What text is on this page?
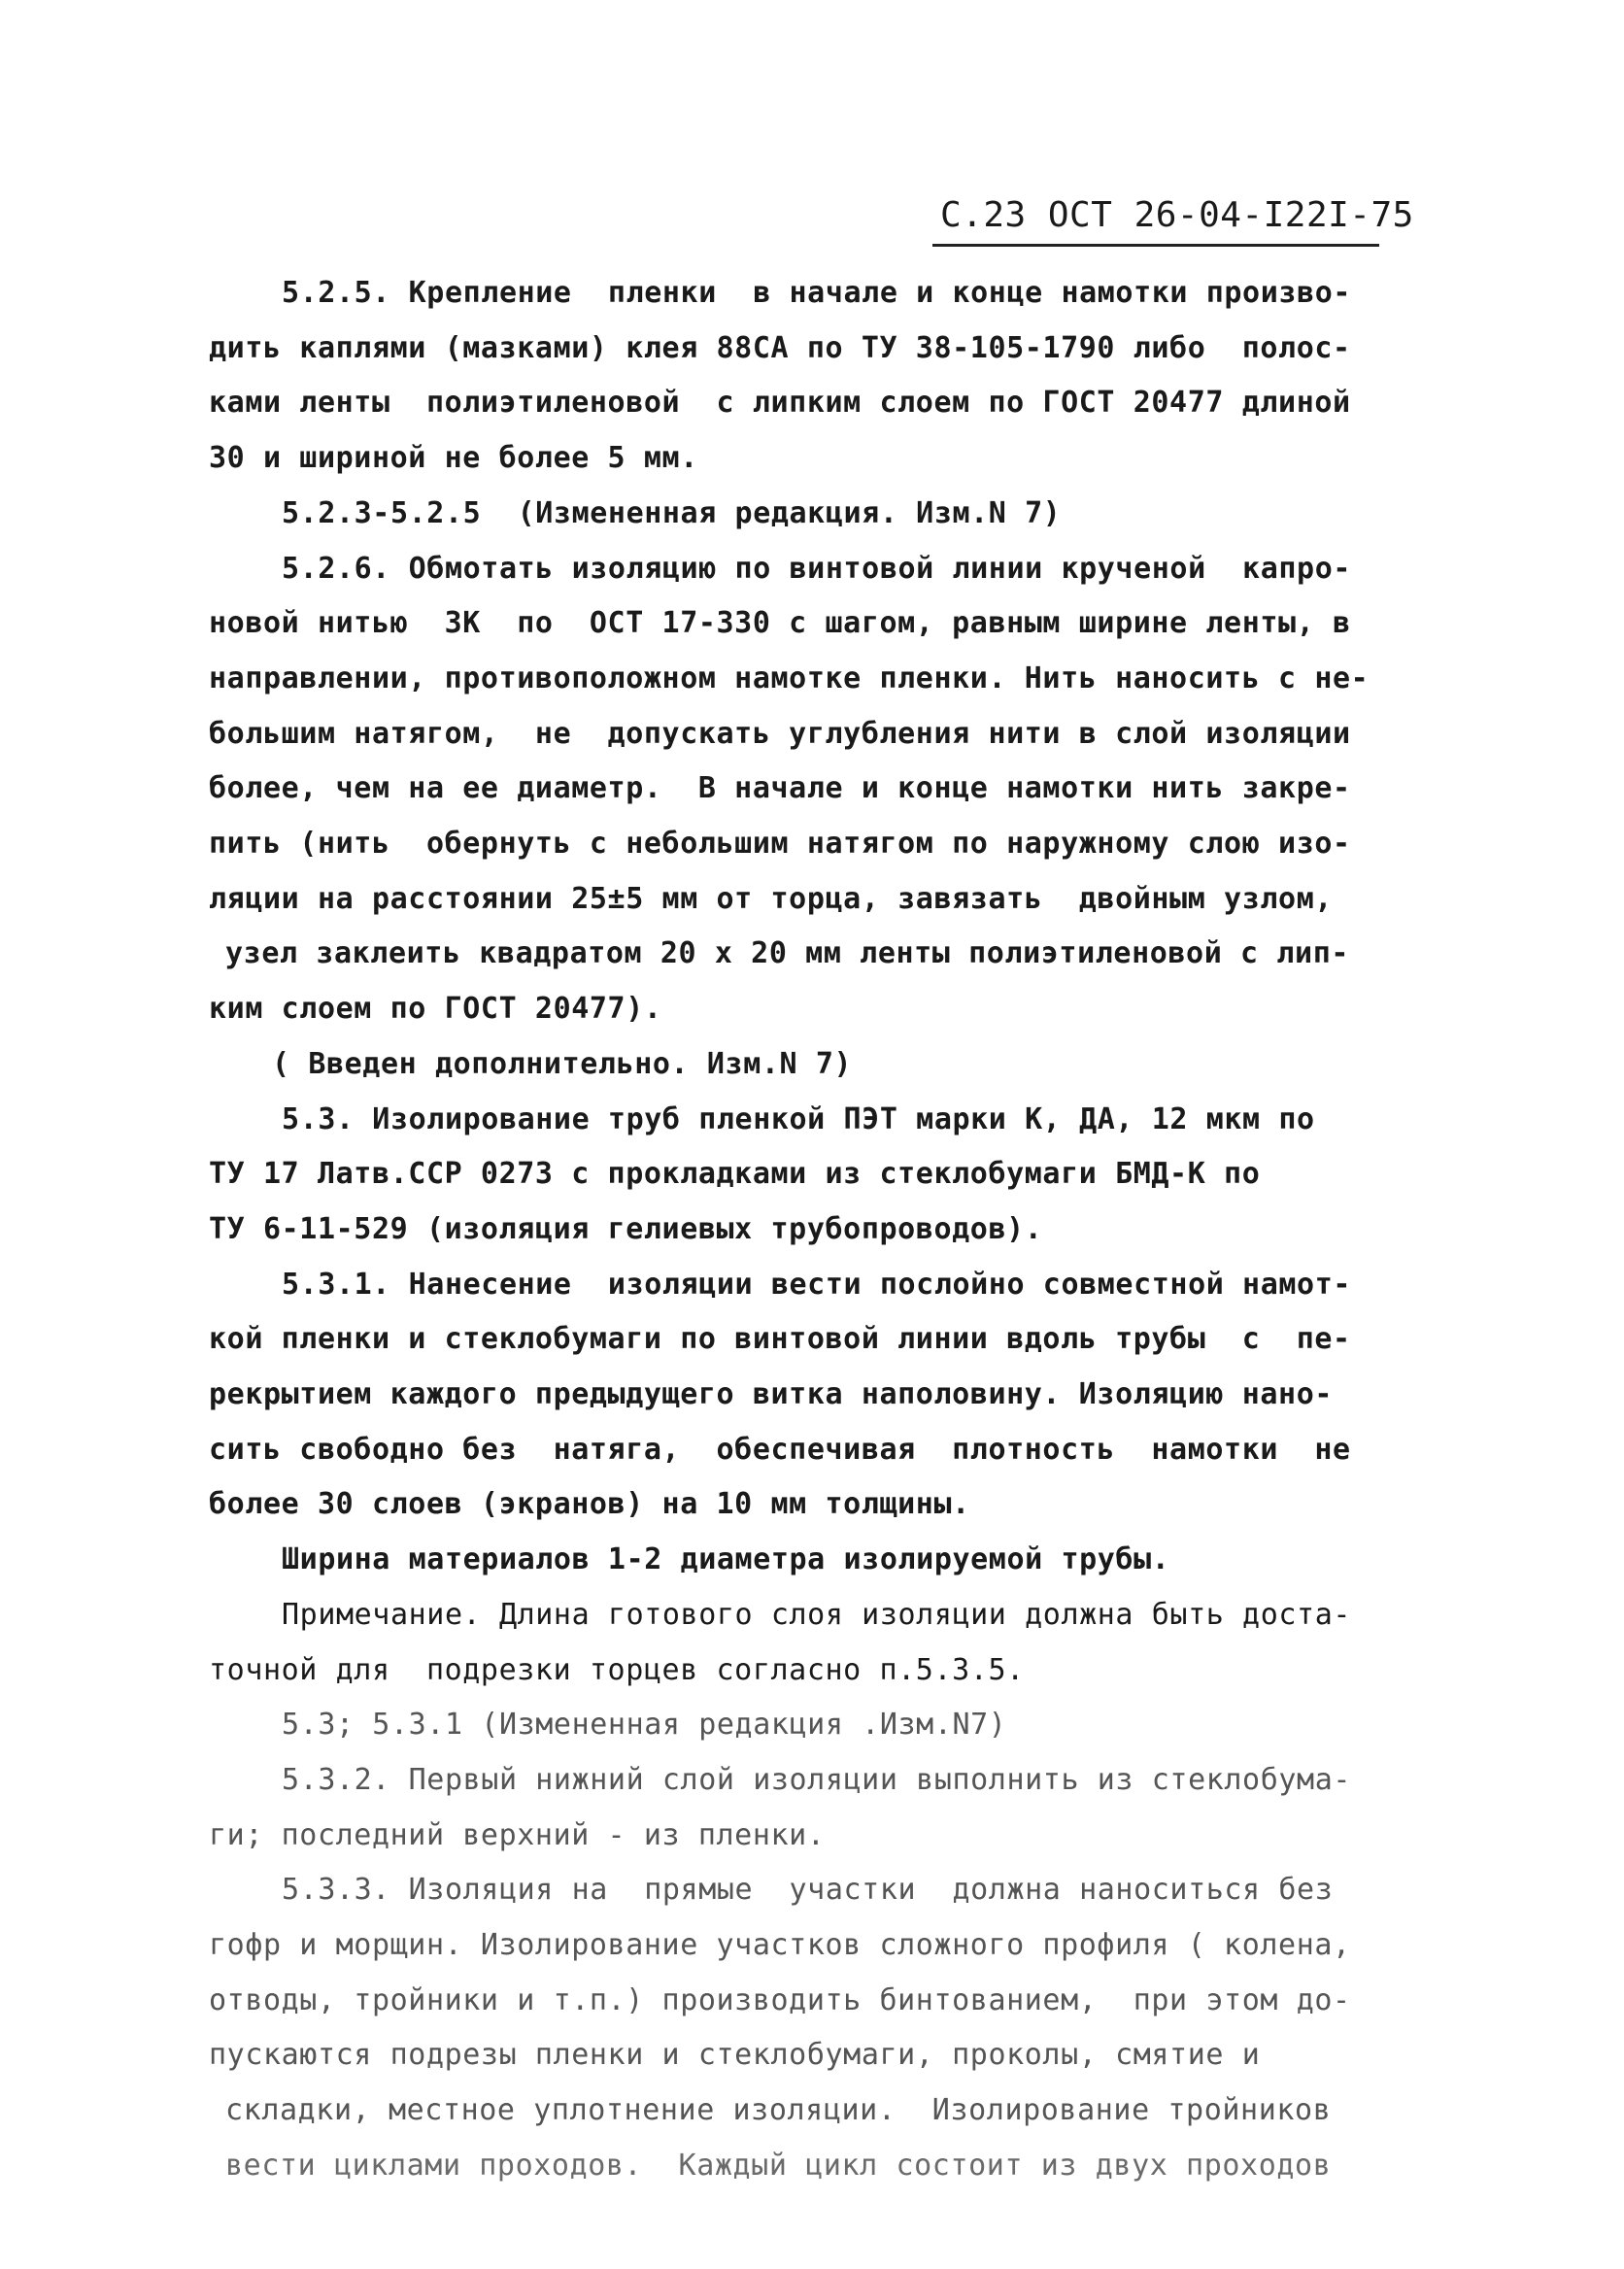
С.23 ОСТ 26-04-I22I-75
5.2.5. Крепление  пленки  в начале и конце намотки произво-
дить каплями (мазками) клея 88СА по ТУ 38-105-1790 либо  полос-
ками ленты  полиэтиленовой  с липким слоем по ГОСТ 20477 длиной
30 и шириной не более 5 мм.
5.2.3-5.2.5  (Измененная редакция. Изм.N 7)
5.2.6. Обмотать изоляцию по винтовой линии крученой  капро-
новой нитью  ЗК  по  ОСТ 17-330 с шагом, равным ширине ленты, в
направлении, противоположном намотке пленки. Нить наносить с не-
большим натягом,  не  допускать углубления нити в слой изоляции
более, чем на ее диаметр.  В начале и конце намотки нить закре-
пить (нить  обернуть с небольшим натягом по наружному слою изо-
ляции на расстоянии 25±5 мм от торца, завязать  двойным узлом,
узел заклеить квадратом 20 х 20 мм ленты полиэтиленовой с лип-
ким слоем по ГОСТ 20477).
( Введен дополнительно. Изм.N 7)
5.3. Изолирование труб пленкой ПЭТ марки К, ДА, 12 мкм по
ТУ 17 Латв.ССР 0273 с прокладками из стеклобумаги БМД-К по
ТУ 6-11-529 (изоляция гелиевых трубопроводов).
5.3.1. Нанесение  изоляции вести послойно совместной намот-
кой пленки и стеклобумаги по винтовой линии вдоль трубы  с  пе-
рекрытием каждого предыдущего витка наполовину. Изоляцию нано-
сить свободно без  натяга,  обеспечивая  плотность  намотки  не
более 30 слоев (экранов) на 10 мм толщины.
Ширина материалов 1-2 диаметра изолируемой трубы.
Примечание. Длина готового слоя изоляции должна быть доста-
точной для  подрезки торцев согласно п.5.3.5.
5.3; 5.3.1 (Измененная редакция .Изм.N7)
5.3.2. Первый нижний слой изоляции выполнить из стеклобума-
ги; последний верхний - из пленки.
5.3.3. Изоляция на  прямые  участки  должна наноситься без
гофр и морщин. Изолирование участков сложного профиля ( колена,
отводы, тройники и т.п.) производить бинтованием,  при этом до-
пускаются подрезы пленки и стеклобумаги, проколы, смятие и
складки, местное уплотнение изоляции.  Изолирование тройников
вести циклами проходов.  Каждый цикл состоит из двух проходов
